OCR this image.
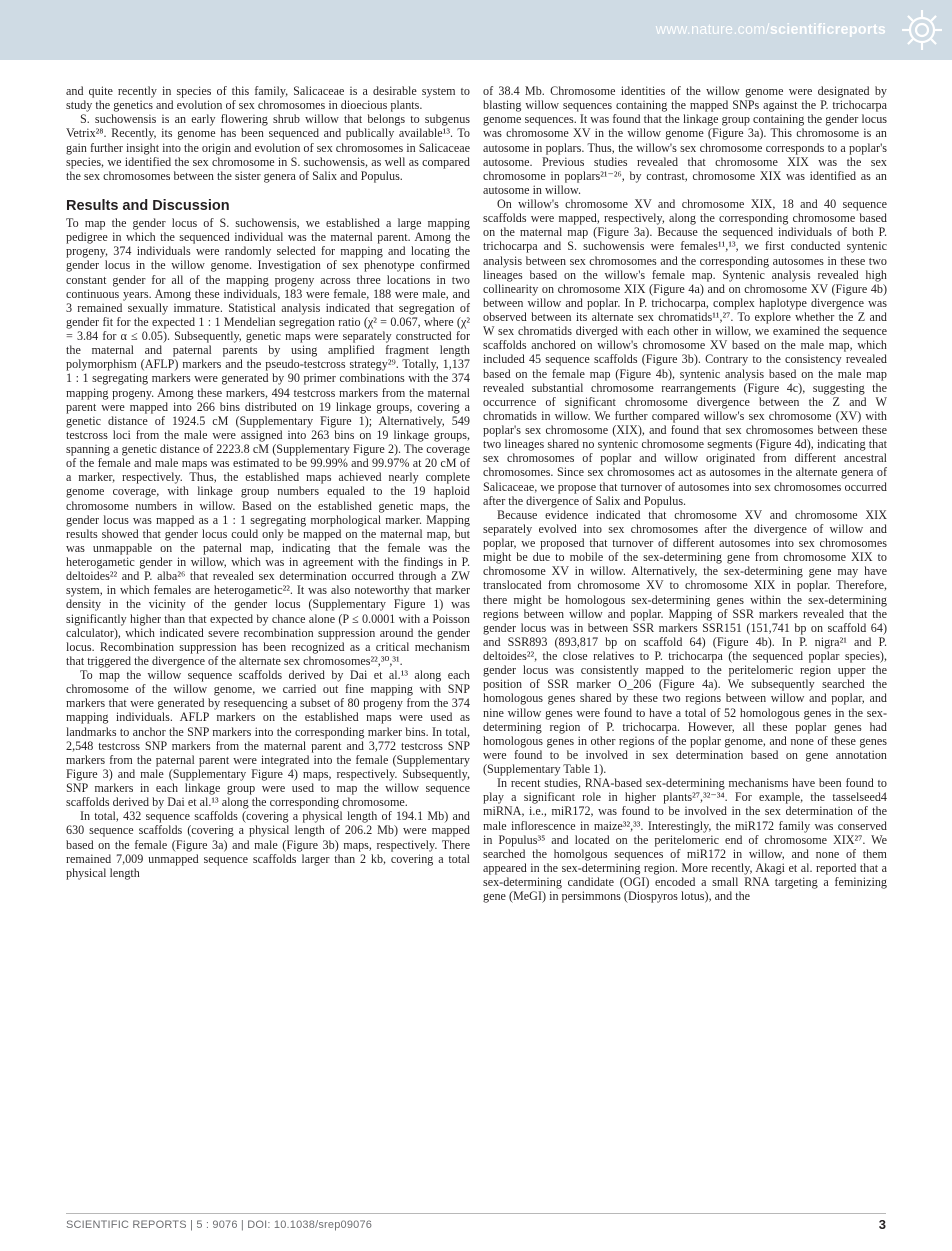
www.nature.com/scientificreports

and quite recently in species of this family, Salicaceae is a desirable system to study the genetics and evolution of sex chromosomes in dioecious plants.

S. suchowensis is an early flowering shrub willow that belongs to subgenus Vetrix²⁸. Recently, its genome has been sequenced and publically available¹³. To gain further insight into the origin and evolution of sex chromosomes in Salicaceae species, we identified the sex chromosome in S. suchowensis, as well as compared the sex chromosomes between the sister genera of Salix and Populus.

Results and Discussion

To map the gender locus of S. suchowensis, we established a large mapping pedigree in which the sequenced individual was the maternal parent. Among the progeny, 374 individuals were randomly selected for mapping and locating the gender locus in the willow genome. Investigation of sex phenotype confirmed constant gender for all of the mapping progeny across three locations in two continuous years. Among these individuals, 183 were female, 188 were male, and 3 remained sexually immature. Statistical analysis indicated that segregation of gender fit for the expected 1 : 1 Mendelian segregation ratio (χ² = 0.067, where (χ² = 3.84 for α ≤ 0.05). Subsequently, genetic maps were separately constructed for the maternal and paternal parents by using amplified fragment length polymorphism (AFLP) markers and the pseudo-testcross strategy²⁹. Totally, 1,137 1 : 1 segregating markers were generated by 90 primer combinations with the 374 mapping progeny. Among these markers, 494 testcross markers from the maternal parent were mapped into 266 bins distributed on 19 linkage groups, covering a genetic distance of 1924.5 cM (Supplementary Figure 1); Alternatively, 549 testcross loci from the male were assigned into 263 bins on 19 linkage groups, spanning a genetic distance of 2223.8 cM (Supplementary Figure 2). The coverage of the female and male maps was estimated to be 99.99% and 99.97% at 20 cM of a marker, respectively. Thus, the established maps achieved nearly complete genome coverage, with linkage group numbers equaled to the 19 haploid chromosome numbers in willow. Based on the established genetic maps, the gender locus was mapped as a 1 : 1 segregating morphological marker. Mapping results showed that gender locus could only be mapped on the maternal map, but was unmappable on the paternal map, indicating that the female was the heterogametic gender in willow, which was in agreement with the findings in P. deltoides²² and P. alba²⁶ that revealed sex determination occurred through a ZW system, in which females are heterogametic²². It was also noteworthy that marker density in the vicinity of the gender locus (Supplementary Figure 1) was significantly higher than that expected by chance alone (P ≤ 0.0001 with a Poisson calculator), which indicated severe recombination suppression around the gender locus. Recombination suppression has been recognized as a critical mechanism that triggered the divergence of the alternate sex chromosomes²²,³⁰,³¹.

To map the willow sequence scaffolds derived by Dai et al.¹³ along each chromosome of the willow genome, we carried out fine mapping with SNP markers that were generated by resequencing a subset of 80 progeny from the 374 mapping individuals. AFLP markers on the established maps were used as landmarks to anchor the SNP markers into the corresponding marker bins. In total, 2,548 testcross SNP markers from the maternal parent and 3,772 testcross SNP markers from the paternal parent were integrated into the female (Supplementary Figure 3) and male (Supplementary Figure 4) maps, respectively. Subsequently, SNP markers in each linkage group were used to map the willow sequence scaffolds derived by Dai et al.¹³ along the corresponding chromosome.

In total, 432 sequence scaffolds (covering a physical length of 194.1 Mb) and 630 sequence scaffolds (covering a physical length of 206.2 Mb) were mapped based on the female (Figure 3a) and male (Figure 3b) maps, respectively. There remained 7,009 unmapped sequence scaffolds larger than 2 kb, covering a total physical length

of 38.4 Mb. Chromosome identities of the willow genome were designated by blasting willow sequences containing the mapped SNPs against the P. trichocarpa genome sequences. It was found that the linkage group containing the gender locus was chromosome XV in the willow genome (Figure 3a). This chromosome is an autosome in poplars. Thus, the willow's sex chromosome corresponds to a poplar's autosome. Previous studies revealed that chromosome XIX was the sex chromosome in poplars²¹⁻²⁶, by contrast, chromosome XIX was identified as an autosome in willow.

On willow's chromosome XV and chromosome XIX, 18 and 40 sequence scaffolds were mapped, respectively, along the corresponding chromosome based on the maternal map (Figure 3a). Because the sequenced individuals of both P. trichocarpa and S. suchowensis were females¹¹,¹³, we first conducted syntenic analysis between sex chromosomes and the corresponding autosomes in these two lineages based on the willow's female map. Syntenic analysis revealed high collinearity on chromosome XIX (Figure 4a) and on chromosome XV (Figure 4b) between willow and poplar. In P. trichocarpa, complex haplotype divergence was observed between its alternate sex chromatids¹¹,²⁷. To explore whether the Z and W sex chromatids diverged with each other in willow, we examined the sequence scaffolds anchored on willow's chromosome XV based on the male map, which included 45 sequence scaffolds (Figure 3b). Contrary to the consistency revealed based on the female map (Figure 4b), syntenic analysis based on the male map revealed substantial chromosome rearrangements (Figure 4c), suggesting the occurrence of significant chromosome divergence between the Z and W chromatids in willow. We further compared willow's sex chromosome (XV) with poplar's sex chromosome (XIX), and found that sex chromosomes between these two lineages shared no syntenic chromosome segments (Figure 4d), indicating that sex chromosomes of poplar and willow originated from different ancestral chromosomes. Since sex chromosomes act as autosomes in the alternate genera of Salicaceae, we propose that turnover of autosomes into sex chromosomes occurred after the divergence of Salix and Populus.

Because evidence indicated that chromosome XV and chromosome XIX separately evolved into sex chromosomes after the divergence of willow and poplar, we proposed that turnover of different autosomes into sex chromosomes might be due to mobile of the sex-determining gene from chromosome XIX to chromosome XV in willow. Alternatively, the sex-determining gene may have translocated from chromosome XV to chromosome XIX in poplar. Therefore, there might be homologous sex-determining genes within the sex-determining regions between willow and poplar. Mapping of SSR markers revealed that the gender locus was in between SSR markers SSR151 (151,741 bp on scaffold 64) and SSR893 (893,817 bp on scaffold 64) (Figure 4b). In P. nigra²¹ and P. deltoides²², the close relatives to P. trichocarpa (the sequenced poplar species), gender locus was consistently mapped to the peritelomeric region upper the position of SSR marker O_206 (Figure 4a). We subsequently searched the homologous genes shared by these two regions between willow and poplar, and nine willow genes were found to have a total of 52 homologous genes in the sex-determining region of P. trichocarpa. However, all these poplar genes had homologous genes in other regions of the poplar genome, and none of these genes were found to be involved in sex determination based on gene annotation (Supplementary Table 1).

In recent studies, RNA-based sex-determining mechanisms have been found to play a significant role in higher plants²⁷,³²⁻³⁴. For example, the tasselseed4 miRNA, i.e., miR172, was found to be involved in the sex determination of the male inflorescence in maize³²,³³. Interestingly, the miR172 family was conserved in Populus³⁵ and located on the peritelomeric end of chromosome XIX²⁷. We searched the homolgous sequences of miR172 in willow, and none of them appeared in the sex-determining region. More recently, Akagi et al. reported that a sex-determining candidate (OGI) encoded a small RNA targeting a feminizing gene (MeGI) in persimmons (Diospyros lotus), and the

SCIENTIFIC REPORTS | 5 : 9076 | DOI: 10.1038/srep09076	3
